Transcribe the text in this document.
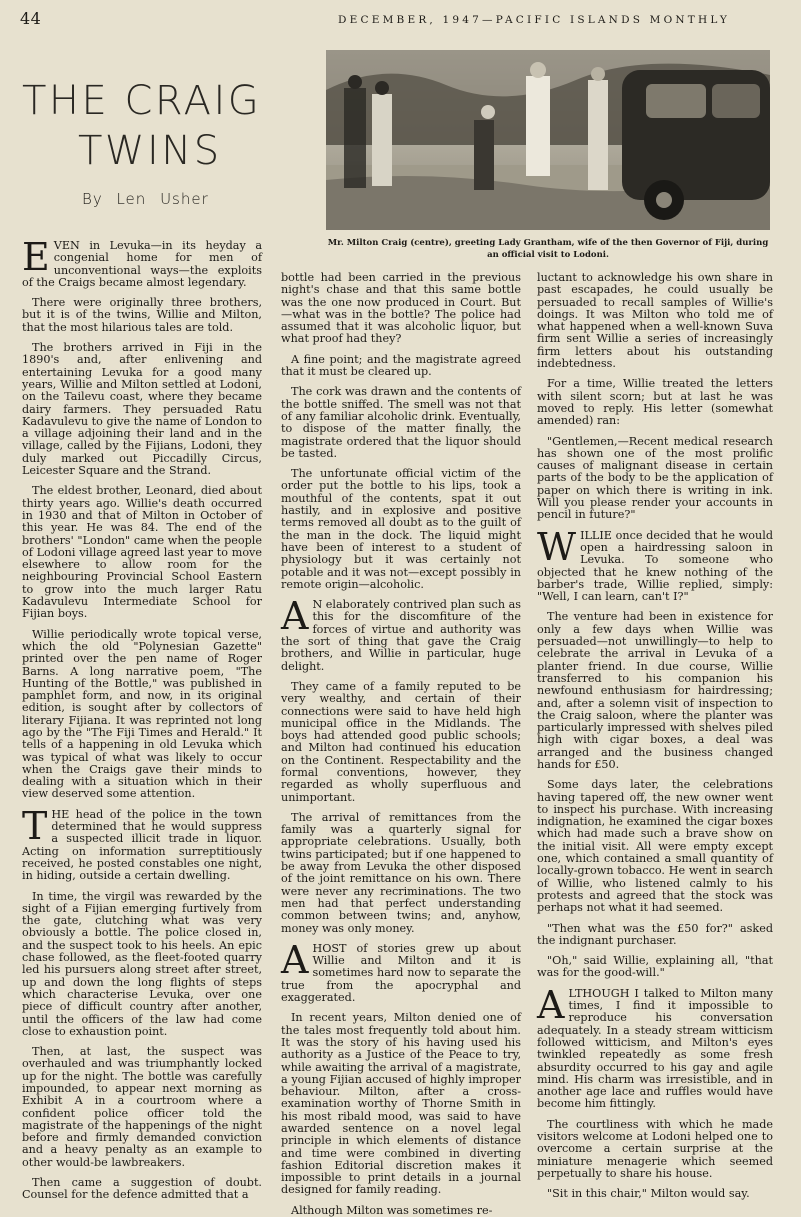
44	DECEMBER, 1947—PACIFIC ISLANDS MONTHLY
THE CRAIG
TWINS
By Len Usher
Mr. Milton Craig (centre), greeting Lady Grantham, wife of the then Governor of Fiji, during an official visit to Lodoni.

EVEN in Levuka—in its heyday a congenial home for men of unconventional ways—the exploits of the Craigs became almost legendary.

There were originally three brothers, but it is of the twins, Willie and Milton, that the most hilarious tales are told.

The brothers arrived in Fiji in the 1890's and, after enlivening and entertaining Levuka for a good many years, Willie and Milton settled at Lodoni, on the Tailevu coast, where they became dairy farmers. They persuaded Ratu Kadavulevu to give the name of London to a village adjoining their land and in the village, called by the Fijians, Lodoni, they duly marked out Piccadilly Circus, Leicester Square and the Strand.

The eldest brother, Leonard, died about thirty years ago. Willie's death occurred in 1930 and that of Milton in October of this year. He was 84. The end of the brothers' "London" came when the people of Lodoni village agreed last year to move elsewhere to allow room for the neighbouring Provincial School Eastern to grow into the much larger Ratu Kadavulevu Intermediate School for Fijian boys.

Willie periodically wrote topical verse, which the old "Polynesian Gazette" printed over the pen name of Roger Barns. A long narrative poem, "The Hunting of the Bottle," was published in pamphlet form, and now, in its original edition, is sought after by collectors of literary Fijiana. It was reprinted not long ago by the "The Fiji Times and Herald." It tells of a happening in old Levuka which was typical of what was likely to occur when the Craigs gave their minds to dealing with a situation which in their view deserved some attention.

THE head of the police in the town determined that he would suppress a suspected illicit trade in liquor. Acting on information surreptitiously received, he posted constables one night, in hiding, outside a certain dwelling.

In time, the virgil was rewarded by the sight of a Fijian emerging furtively from the gate, clutching what was very obviously a bottle. The police closed in, and the suspect took to his heels. An epic chase followed, as the fleet-footed quarry led his pursuers along street after street, up and down the long flights of steps which characterise Levuka, over one piece of difficult country after another, until the officers of the law had come close to exhaustion point.

Then, at last, the suspect was overhauled and was triumphantly locked up for the night. The bottle was carefully impounded, to appear next morning as Exhibit A in a courtroom where a confident police officer told the magistrate of the happenings of the night before and firmly demanded conviction and a heavy penalty as an example to other would-be lawbreakers.

Then came a suggestion of doubt. Counsel for the defence admitted that a

bottle had been carried in the previous night's chase and that this same bottle was the one now produced in Court. But —what was in the bottle? The police had assumed that it was alcoholic liquor, but what proof had they?

A fine point; and the magistrate agreed that it must be cleared up.

The cork was drawn and the contents of the bottle sniffed. The smell was not that of any familiar alcoholic drink. Eventually, to dispose of the matter finally, the magistrate ordered that the liquor should be tasted.

The unfortunate official victim of the order put the bottle to his lips, took a mouthful of the contents, spat it out hastily, and in explosive and positive terms removed all doubt as to the guilt of the man in the dock. The liquid might have been of interest to a student of physiology but it was certainly not potable and it was not—except possibly in remote origin—alcoholic.

A N elaborately contrived plan such as this for the discomfiture of the forces of virtue and authority was the sort of thing that gave the Craig brothers, and Willie in particular, huge delight.

They came of a family reputed to be very wealthy, and certain of their connections were said to have held high municipal office in the Midlands. The boys had attended good public schools; and Milton had continued his education on the Continent. Respectability and the formal conventions, however, they regarded as wholly superfluous and unimportant.

The arrival of remittances from the family was a quarterly signal for appropriate celebrations. Usually, both twins participated; but if one happened to be away from Levuka the other disposed of the joint remittance on his own. There were never any recriminations. The two men had that perfect understanding common between twins; and, anyhow, money was only money.

A HOST of stories grew up about Willie and Milton and it is sometimes hard now to separate the true from the apocryphal and exaggerated.

In recent years, Milton denied one of the tales most frequently told about him. It was the story of his having used his authority as a Justice of the Peace to try, while awaiting the arrival of a magistrate, a young Fijian accused of highly improper behaviour. Milton, after a cross-examination worthy of Thorne Smith in his most ribald mood, was said to have awarded sentence on a novel legal principle in which elements of distance and time were combined in diverting fashion Editorial discretion makes it impossible to print details in a journal designed for family reading.

Although Milton was sometimes re-

luctant to acknowledge his own share in past escapades, he could usually be persuaded to recall samples of Willie's doings. It was Milton who told me of what happened when a well-known Suva firm sent Willie a series of increasingly firm letters about his outstanding indebtedness.

For a time, Willie treated the letters with silent scorn; but at last he was moved to reply. His letter (somewhat amended) ran:

"Gentlemen,—Recent medical research has shown one of the most prolific causes of malignant disease in certain parts of the body to be the application of paper on which there is writing in ink. Will you please render your accounts in pencil in future?"

WILLIE once decided that he would open a hairdressing saloon in Levuka. To someone who objected that he knew nothing of the barber's trade, Willie replied, simply: "Well, I can learn, can't I?"

The venture had been in existence for only a few days when Willie was persuaded—not unwillingly—to help to celebrate the arrival in Levuka of a planter friend. In due course, Willie transferred to his companion his newfound enthusiasm for hairdressing; and, after a solemn visit of inspection to the Craig saloon, where the planter was particularly impressed with shelves piled high with cigar boxes, a deal was arranged and the business changed hands for £50.

Some days later, the celebrations having tapered off, the new owner went to inspect his purchase. With increasing indignation, he examined the cigar boxes which had made such a brave show on the initial visit. All were empty except one, which contained a small quantity of locally-grown tobacco. He went in search of Willie, who listened calmly to his protests and agreed that the stock was perhaps not what it had seemed.

"Then what was the £50 for?" asked the indignant purchaser.

"Oh," said Willie, explaining all, "that was for the good-will."

ALTHOUGH I talked to Milton many times, I find it impossible to reproduce his conversation adequately. In a steady stream witticism followed witticism, and Milton's eyes twinkled repeatedly as some fresh absurdity occurred to his gay and agile mind. His charm was irresistible, and in another age lace and ruffles would have become him fittingly.

The courtliness with which he made visitors welcome at Lodoni helped one to overcome a certain surprise at the miniature menagerie which seemed perpetually to share his house.

"Sit in this chair," Milton would say.
